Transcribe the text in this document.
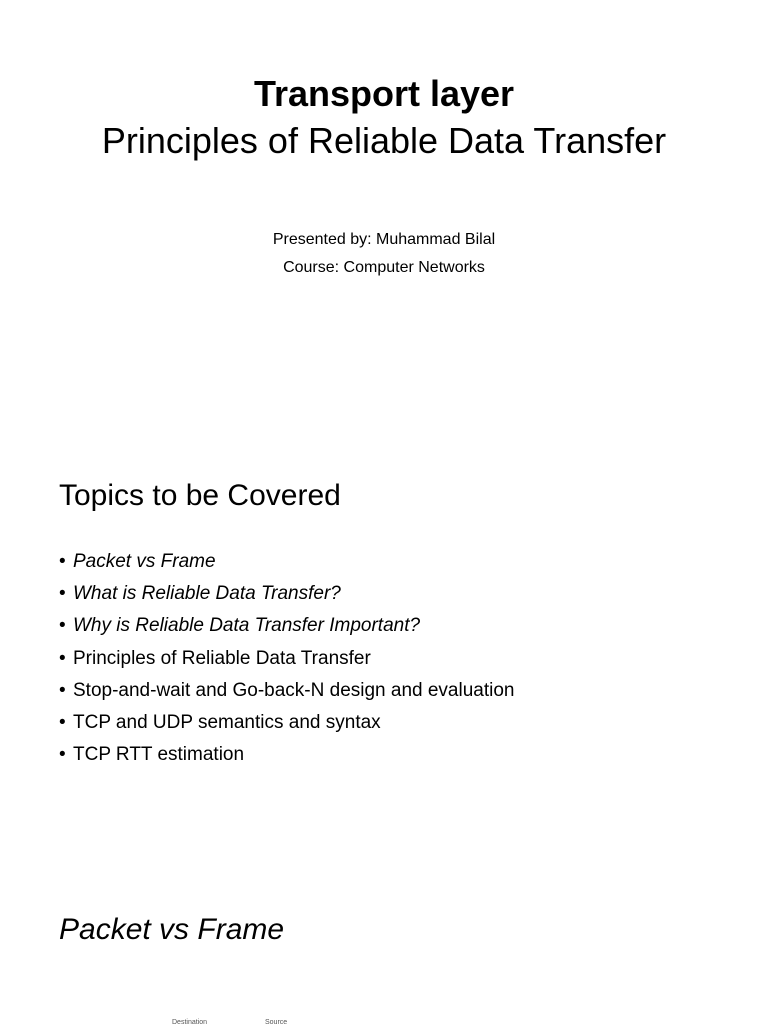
Transport layer
Principles of Reliable Data Transfer
Presented by: Muhammad Bilal
Course: Computer Networks
Topics to be Covered
• Packet vs Frame
• What is Reliable Data Transfer?
• Why is Reliable Data Transfer Important?
• Principles of Reliable Data Transfer
• Stop-and-wait and Go-back-N design and evaluation
• TCP and UDP semantics and syntax
• TCP RTT estimation
Packet vs Frame
Destination	Source
